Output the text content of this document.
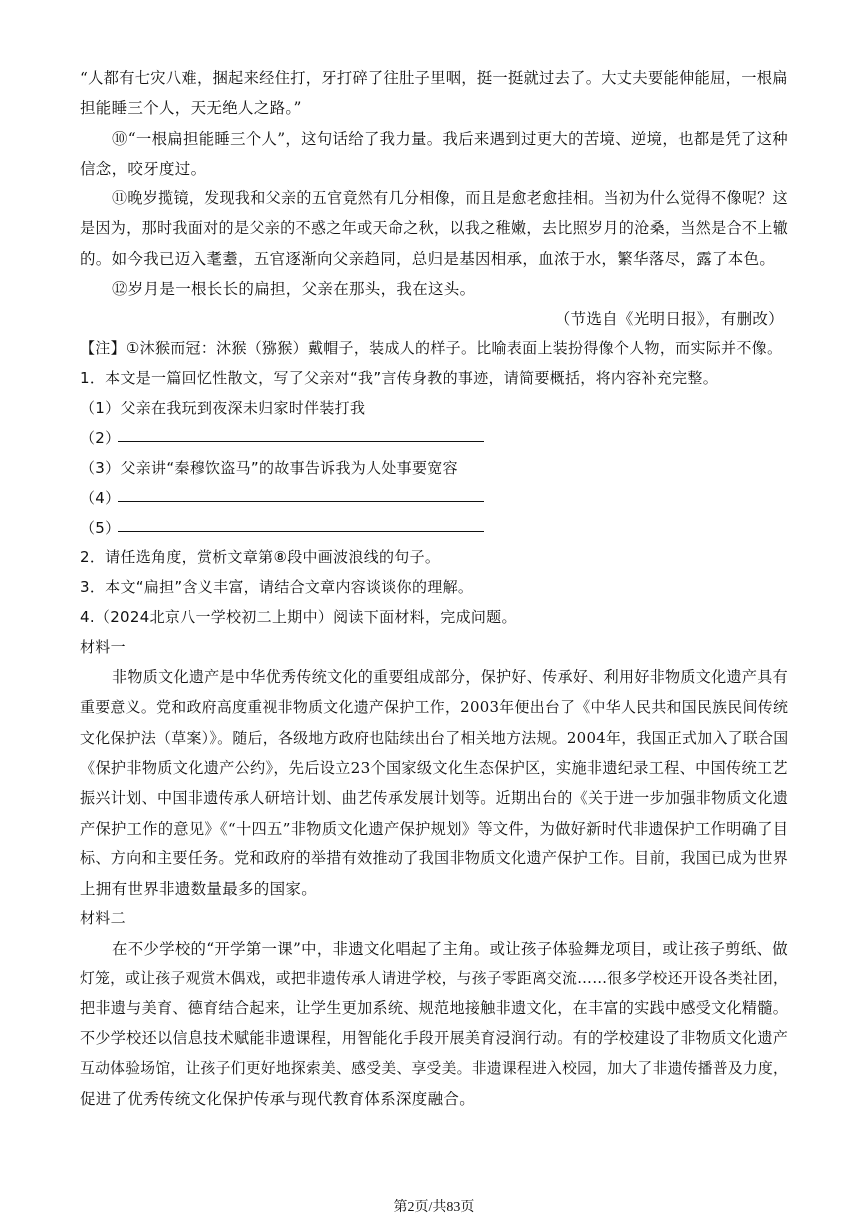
“人都有七灾八难，捆起来经住打，牙打碎了往肚子里咽，挺一挺就过去了。大丈夫要能伸能屈，一根扁
担能睡三个人，天无绝人之路。”
⑩“一根扁担能睡三个人”，这句话给了我力量。我后来遇到过更大的苦境、逆境，也都是凭了这种
信念，咬牙度过。
⑪晚岁揽镜，发现我和父亲的五官竟然有几分相像，而且是愈老愈挂相。当初为什么觉得不像呢？这
是因为，那时我面对的是父亲的不惑之年或天命之秋，以我之稚嫩，去比照岁月的沧桑，当然是合不上辙
的。如今我已迈入耄耋，五官逐渐向父亲趋同，总归是基因相承，血浓于水，繁华落尽，露了本色。
⑫岁月是一根长长的扁担，父亲在那头，我在这头。
（节选自《光明日报》，有删改）
【注】①沐猴而冠：沐猴（猕猴）戴帽子，装成人的样子。比喻表面上装扮得像个人物，而实际并不像。
1．本文是一篇回忆性散文，写了父亲对“我”言传身教的事迹，请简要概括，将内容补充完整。
（1）父亲在我玩到夜深未归家时伴装打我
（2）
（3）父亲讲“秦穆饮盗马”的故事告诉我为人处事要宽容
（4）
（5）
2．请任选角度，赏析文章第⑧段中画波浪线的句子。
3．本文“扁担”含义丰富，请结合文章内容谈谈你的理解。
4.（2024北京八一学校初二上期中）阅读下面材料，完成问题。
材料一
非物质文化遗产是中华优秀传统文化的重要组成部分，保护好、传承好、利用好非物质文化遗产具有
重要意义。党和政府高度重视非物质文化遗产保护工作，2003年便出台了《中华人民共和国民族民间传统
文化保护法（草案）》。随后，各级地方政府也陆续出台了相关地方法规。2004年，我国正式加入了联合国
《保护非物质文化遗产公约》，先后设立23个国家级文化生态保护区，实施非遗纪录工程、中国传统工艺
振兴计划、中国非遗传承人研培计划、曲艺传承发展计划等。近期出台的《关于进一步加强非物质文化遗
产保护工作的意见》《“十四五”非物质文化遗产保护规划》等文件，为做好新时代非遗保护工作明确了目
标、方向和主要任务。党和政府的举措有效推动了我国非物质文化遗产保护工作。目前，我国已成为世界
上拥有世界非遗数量最多的国家。
材料二
在不少学校的“开学第一课”中，非遗文化唱起了主角。或让孩子体验舞龙项目，或让孩子剪纸、做
灯笼，或让孩子观赏木偶戏，或把非遗传承人请进学校，与孩子零距离交流……很多学校还开设各类社团，
把非遗与美育、德育结合起来，让学生更加系统、规范地接触非遗文化，在丰富的实践中感受文化精髓。
不少学校还以信息技术赋能非遗课程，用智能化手段开展美育浸润行动。有的学校建设了非物质文化遗产
互动体验场馆，让孩子们更好地探索美、感受美、享受美。非遗课程进入校园，加大了非遗传播普及力度，
促进了优秀传统文化保护传承与现代教育体系深度融合。
第2页/共83页
